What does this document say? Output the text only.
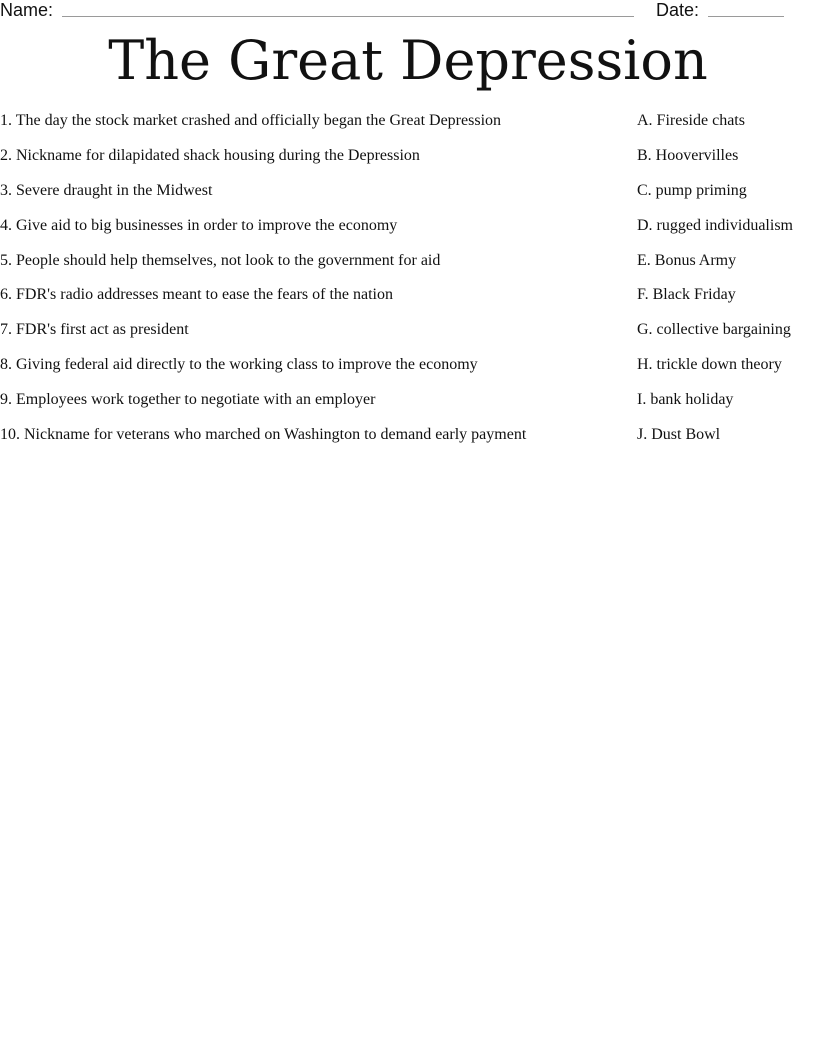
Name:	Date:
The Great Depression
1. The day the stock market crashed and officially began the Great Depression
2. Nickname for dilapidated shack housing during the Depression
3. Severe draught in the Midwest
4. Give aid to big businesses in order to improve the economy
5. People should help themselves, not look to the government for aid
6. FDR's radio addresses meant to ease the fears of the nation
7. FDR's first act as president
8. Giving federal aid directly to the working class to improve the economy
9. Employees work together to negotiate with an employer
10. Nickname for veterans who marched on Washington to demand early payment
A. Fireside chats
B. Hoovervilles
C. pump priming
D. rugged individualism
E. Bonus Army
F. Black Friday
G. collective bargaining
H. trickle down theory
I. bank holiday
J. Dust Bowl
